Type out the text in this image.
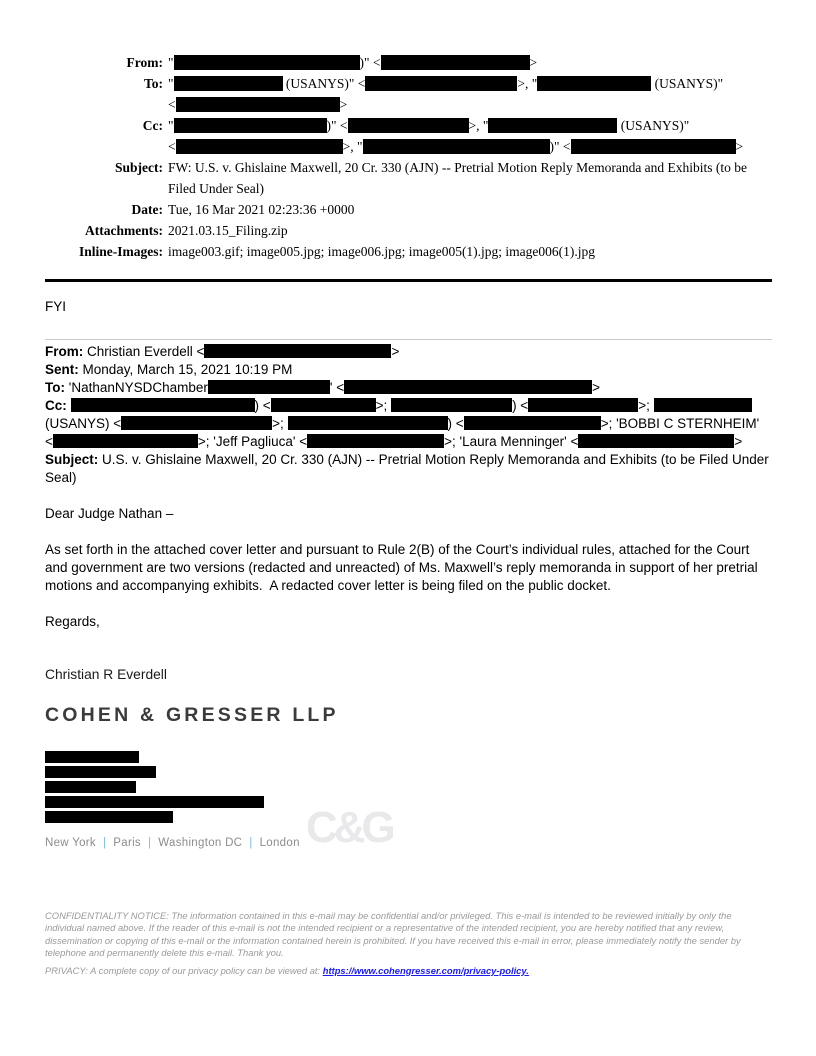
From: "	)" <	>
To: "	(USANYS)" <	>, "	(USANYS)"
<	>
Cc: "	)" <	>, "	(USANYS)"
<	>, "	)" <	>
Subject: FW: U.S. v. Ghislaine Maxwell, 20 Cr. 330 (AJN) -- Pretrial Motion Reply Memoranda and Exhibits (to be Filed Under Seal)
Date: Tue, 16 Mar 2021 02:23:36 +0000
Attachments: 2021.03.15_Filing.zip
Inline-Images: image003.gif; image005.jpg; image006.jpg; image005(1).jpg; image006(1).jpg
FYI
From: Christian Everdell <	>
Sent: Monday, March 15, 2021 10:19 PM
To: 'NathanNYSDChamber	' <	>
Cc:	) <	>;	) <	>;
(USANYS) <	>;	) <	>; 'BOBBI C STERNHEIM'
<	>; 'Jeff Pagliuca' <	>; 'Laura Menninger' <	>
Subject: U.S. v. Ghislaine Maxwell, 20 Cr. 330 (AJN) -- Pretrial Motion Reply Memoranda and Exhibits (to be Filed Under Seal)
Dear Judge Nathan –

As set forth in the attached cover letter and pursuant to Rule 2(B) of the Court’s individual rules, attached for the Court and government are two versions (redacted and unreacted) of Ms. Maxwell’s reply memoranda in support of her pretrial motions and accompanying exhibits.  A redacted cover letter is being filed on the public docket.

Regards,
Christian R Everdell
COHEN & GRESSER LLP
New York | Paris | Washington DC | London C&G
CONFIDENTIALITY NOTICE: The information contained in this e-mail may be confidential and/or privileged. This e-mail is intended to be reviewed initially by only the individual named above. If the reader of this e-mail is not the intended recipient or a representative of the intended recipient, you are hereby notified that any review, dissemination or copying of this e-mail or the information contained herein is prohibited. If you have received this e-mail in error, please immediately notify the sender by telephone and permanently delete this e-mail. Thank you.
PRIVACY: A complete copy of our privacy policy can be viewed at: https://www.cohengresser.com/privacy-policy.
